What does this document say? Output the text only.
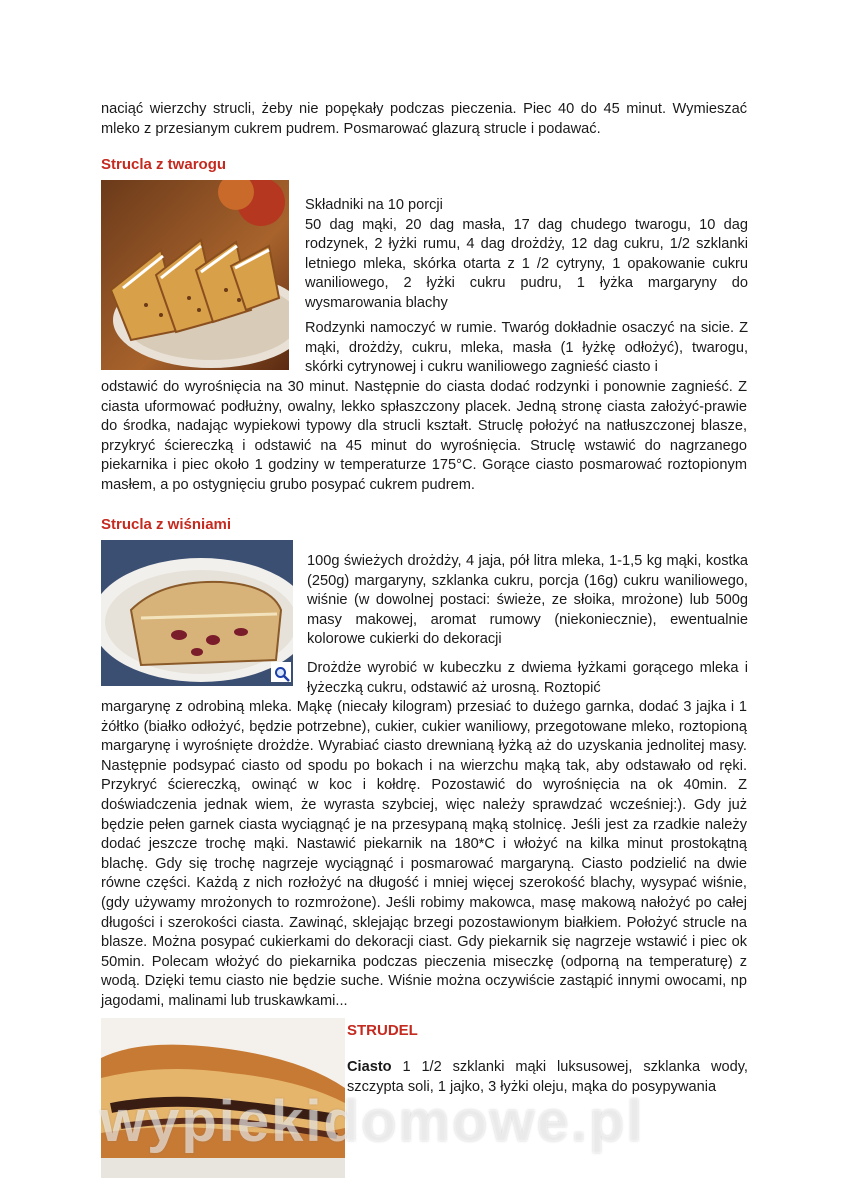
naciąć wierzchy strucli, żeby nie popękały podczas pieczenia. Piec 40 do 45 minut. Wymieszać mleko z przesianym cukrem pudrem. Posmarować glazurą strucle i podawać.

Strucla z twarogu

Składniki na 10 porcji

50 dag mąki, 20 dag masła, 17 dag chudego twarogu, 10 dag rodzynek, 2 łyżki rumu, 4 dag drożdży, 12 dag cukru, 1/2 szklanki letniego mleka, skórka otarta z 1 /2 cytryny, 1 opakowanie cukru waniliowego, 2 łyżki cukru pudru, 1 łyżka margaryny do wysmarowania blachy

Rodzynki namoczyć w rumie. Twaróg dokładnie osaczyć na sicie. Z mąki, drożdży, cukru, mleka, masła (1 łyżkę odłożyć), twarogu, skórki cytrynowej i cukru waniliowego zagnieść ciasto i

odstawić do wyrośnięcia na 30 minut. Następnie do ciasta dodać rodzynki i ponownie zagnieść. Z ciasta uformować podłużny, owalny, lekko spłaszczony placek. Jedną stronę ciasta założyć-prawie do środka, nadając wypiekowi typowy dla strucli kształt. Struclę położyć na natłuszczonej blasze, przykryć ściereczką i odstawić na 45 minut do wyrośnięcia. Struclę wstawić do nagrzanego piekarnika i piec około 1 godziny w temperaturze 175°C. Gorące ciasto posmarować roztopionym masłem, a po ostygnięciu grubo posypać cukrem pudrem.

Strucla z wiśniami

100g świeżych drożdży, 4 jaja, pół litra mleka, 1-1,5 kg mąki, kostka (250g) margaryny, szklanka cukru, porcja (16g) cukru waniliowego, wiśnie (w dowolnej postaci: świeże, ze słoika, mrożone) lub 500g masy makowej, aromat rumowy (niekoniecznie), ewentualnie kolorowe cukierki do dekoracji

Drożdże wyrobić w kubeczku z dwiema łyżkami gorącego mleka i łyżeczką cukru, odstawić aż urosną. Roztopić

margarynę z odrobiną mleka. Mąkę (niecały kilogram) przesiać to dużego garnka, dodać 3 jajka i 1 żółtko (białko odłożyć, będzie potrzebne), cukier, cukier waniliowy, przegotowane mleko, roztopioną margarynę i wyrośnięte drożdże. Wyrabiać ciasto drewnianą łyżką aż do uzyskania jednolitej masy. Następnie podsypać ciasto od spodu po bokach i na wierzchu mąką tak, aby odstawało od ręki. Przykryć ściereczką, owinąć w koc i kołdrę. Pozostawić do wyrośnięcia na ok 40min. Z doświadczenia jednak wiem, że wyrasta szybciej, więc należy sprawdzać wcześniej:). Gdy już będzie pełen garnek ciasta wyciągnąć je na przesypaną mąką stolnicę. Jeśli jest za rzadkie należy dodać jeszcze trochę mąki. Nastawić piekarnik na 180*C i włożyć na kilka minut prostokątną blachę. Gdy się trochę nagrzeje wyciągnąć i posmarować margaryną. Ciasto podzielić na dwie równe części. Każdą z nich rozłożyć na długość i mniej więcej szerokość blachy, wysypać wiśnie, (gdy używamy mrożonych to rozmrożone). Jeśli robimy makowca, masę makową nałożyć po całej długości i szerokości ciasta. Zawinąć, sklejając brzegi pozostawionym białkiem. Położyć strucle na blasze. Można posypać cukierkami do dekoracji ciast. Gdy piekarnik się nagrzeje wstawić i piec ok 50min. Polecam włożyć do piekarnika podczas pieczenia miseczkę (odporną na temperaturę) z wodą. Dzięki temu ciasto nie będzie suche. Wiśnie można oczywiście zastąpić innymi owocami, np jagodami, malinami lub truskawkami...

STRUDEL

Ciasto 1 1/2 szklanki mąki luksusowej, szklanka wody, szczypta soli, 1 jajko, 3 łyżki oleju, mąka do posypywania

wypiekidomowe.pl
